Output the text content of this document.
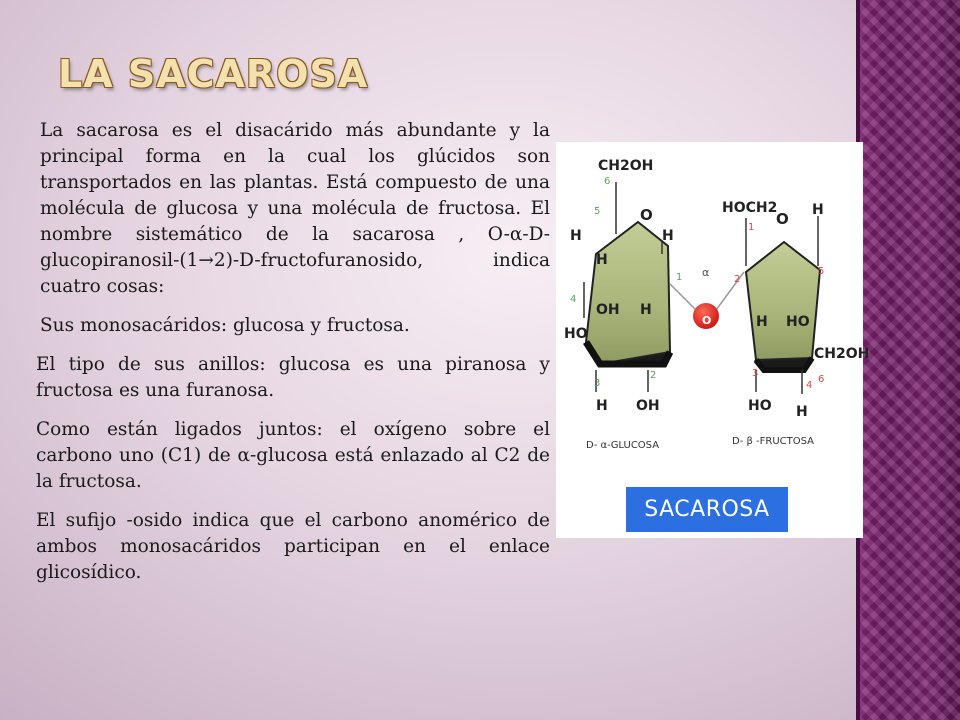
LA SACAROSA

La sacarosa es el disacárido más abundante y la principal forma en la cual los glúcidos son transportados en las plantas. Está compuesto de una molécula de glucosa y una molécula de fructosa. El nombre sistemático de la sacarosa , O-α-D-glucopiranosil-(1→2)-D-fructofuranosido, indica cuatro cosas:

Sus monosacáridos: glucosa y fructosa.

El tipo de sus anillos: glucosa es una piranosa y fructosa es una furanosa.

Como están ligados juntos: el oxígeno sobre el carbono uno (C1) de α-glucosa está enlazado al C2 de la fructosa.

El sufijo -osido indica que el carbono anomérico de ambos monosacáridos participan en el enlace glicosídico.

CH2OH
O
H
H
H
OH H
HO
H OH
6
5
4
3
2
1
D- α-GLUCOSA
α
O
HOCH2
O H
H HO
CH2OH
HO H
1
2
5
3
4
6
D- β -FRUCTOSA
SACAROSA
